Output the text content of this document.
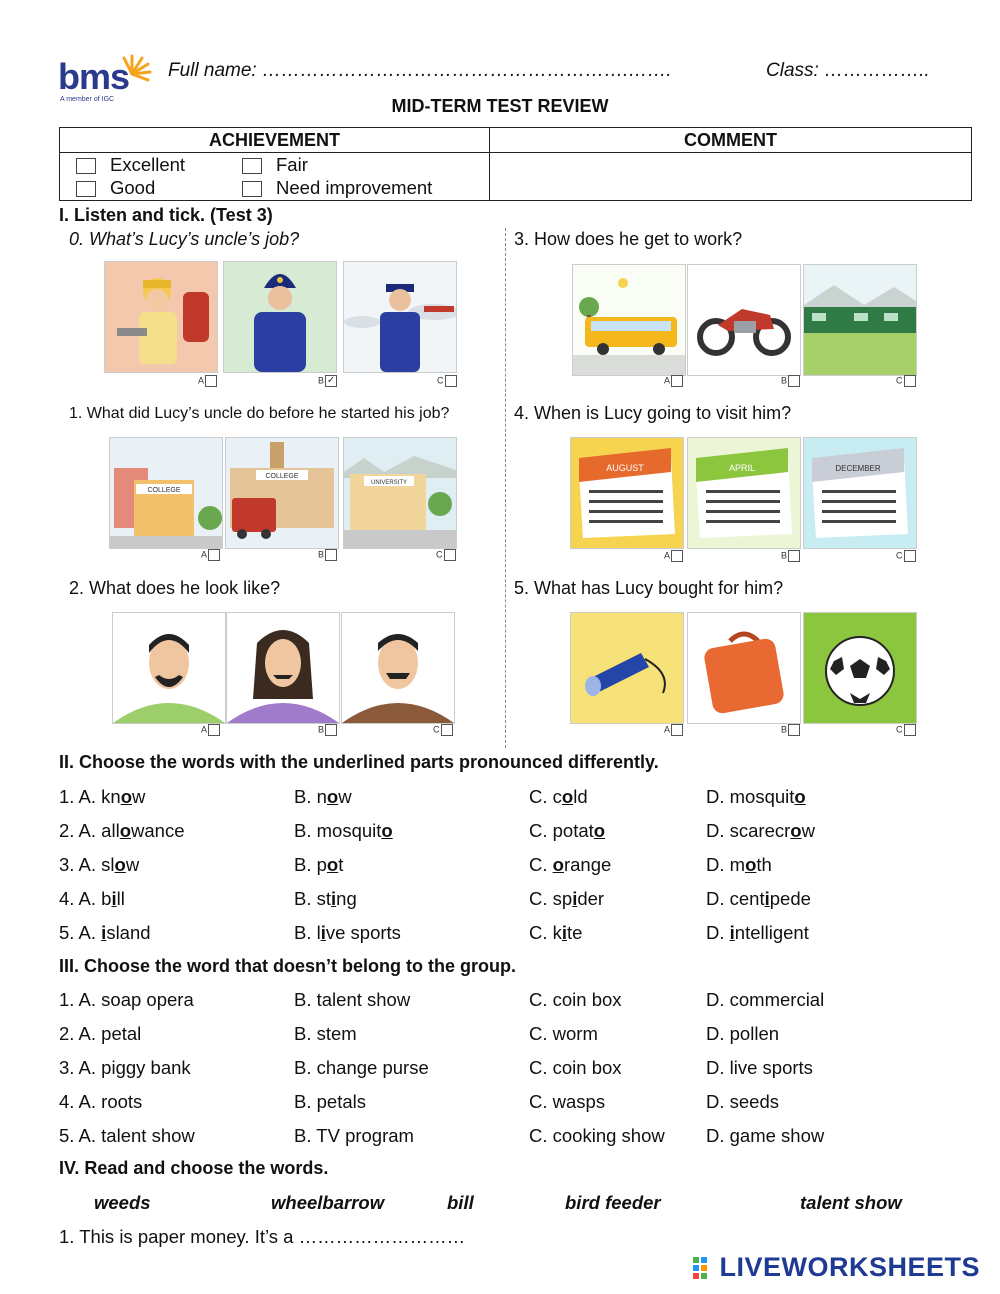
bms
A member of IGC
Full name: ………………………………………………….…….	Class: ……………..
MID-TERM TEST REVIEW
ACHIEVEMENT	COMMENT

Excellent Fair
Good Need improvement	

I. Listen and tick. (Test 3)
0. What’s Lucy’s uncle’s job?	3. How does he get to work?
1. What did Lucy’s uncle do before he started his job?	4. When is Lucy going to visit him?
2. What does he look like?	5. What has Lucy bought for him?
A	B ✓	C	A	B	C
COLLEGE
COLLEGE
UNIVERSITY
A	B	C
AUGUST	APRIL	DECEMBER
A	B	C
A	B	C	A	B	C
II. Choose the words with the underlined parts pronounced differently.
1. A. know	B. now	C. cold	D. mosquito
2. A. allowance	B. mosquito	C. potato	D. scarecrow
3. A. slow	B. pot	C. orange	D. moth
4. A. bill	B. sting	C. spider	D. centipede
5. A. island	B. live sports	C. kite	D. intelligent
III. Choose the word that doesn’t belong to the group.
1. A. soap opera	B. talent show	C. coin box	D. commercial
2. A. petal	B. stem	C. worm	D. pollen
3. A. piggy bank	B. change purse	C. coin box	D. live sports
4. A. roots	B. petals	C. wasps	D. seeds
5. A. talent show	B. TV program	C. cooking show D. game show
IV. Read and choose the words.
weeds	wheelbarrow	bill	bird feeder	talent show
1. This is paper money. It’s a ………………………
LIVEWORKSHEETS
